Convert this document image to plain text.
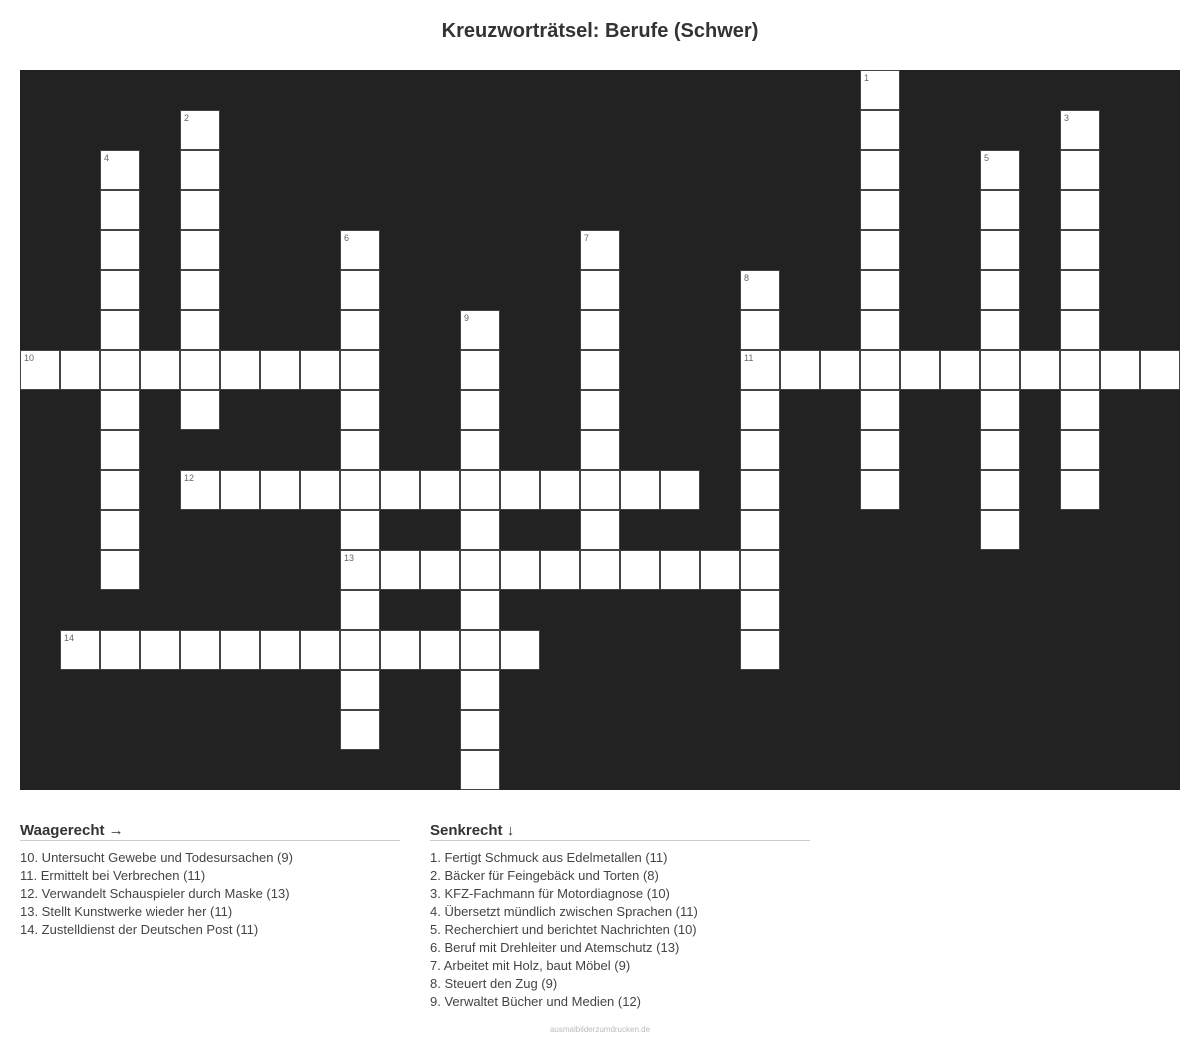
Kreuzworträtsel: Berufe (Schwer)
1
2	3
4	5
6
13
7
8
11
9
10
12
14
Waagerecht →
10. Untersucht Gewebe und Todesursachen (9)
11. Ermittelt bei Verbrechen (11)
12. Verwandelt Schauspieler durch Maske (13)
13. Stellt Kunstwerke wieder her (11)
14. Zustelldienst der Deutschen Post (11)
Senkrecht ↓
1. Fertigt Schmuck aus Edelmetallen (11)
2. Bäcker für Feingebäck und Torten (8)
3. KFZ-Fachmann für Motordiagnose (10)
4. Übersetzt mündlich zwischen Sprachen (11)
5. Recherchiert und berichtet Nachrichten (10)
6. Beruf mit Drehleiter und Atemschutz (13)
7. Arbeitet mit Holz, baut Möbel (9)
8. Steuert den Zug (9)
9. Verwaltet Bücher und Medien (12)
ausmalbilderzumdrucken.de
